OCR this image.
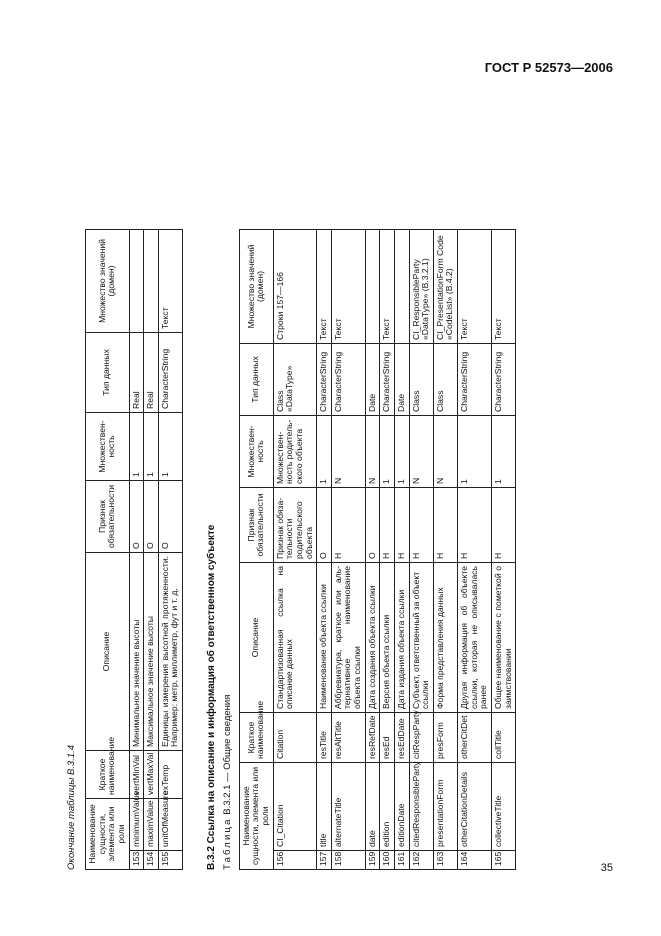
ГОСТ Р 52573—2006
Окончание таблицы В.3.1.4	Наименование сущности, элемента или роли		Краткое наименование	Описание	Признак обязательности	Множественность	Тип данных	Множество значений (домен)
153	minimumValue	vertMinVal	Минимальное значение высоты	О	1	Real	
154	maximValue	vertMaxVal	Максимальное значение высоты	О	1	Real	
155	unitOfMeasure	exTemp	Единицы измерения высотной протяженности. Например: метр, миллиметр, фут и т. д.	О	1	CharacterString	Текст
В.3.2 Ссылка на описание и информация об ответственном субъекте Таблица В.3.2.1 — Общие сведения
Наименование сущности, элемента или роли		Краткое наименование	Описание	Признак обязательности	Множественность	Тип данных	Множество значений (домен)
156	CI_Citation	Citation	Стандартизованная ссылка на описание данных	Признак обязательности родительского объекта	Множественность родительского объекта	Class «DataType»	Строки 157—166
157	title	resTitle	Наименование объекта ссылки	О	1	CharacterString	Текст
158	alternateTitle	resAltTitle	Аббревиатура, краткое или альтернативное наименование объекта ссылки	Н	N	CharacterString	Текст
159	date	resRefDate	Дата создания объекта ссылки	О	N	Date	
160	edition	resEd	Версия объекта ссылки	Н	1	CharacterString	Текст
161	editionDate	resEdDate	Дата издания объекта ссылки	Н	1	Date	
162	citedResponsibleParty	citRespParty	Субъект, ответственный за объект ссылки	Н	N	Class	CI_ResponsibleParty «DataType» (В.3.2.1)
163	presentationForm	presForm	Форма представления данных	Н	N	Class	CI_PresentationForm Code «CodeList» (В.4.2)
164	otherCitationDetails	otherCitDet	Другая информация об объекте ссылки, которая не описывалась ранее	Н	1	CharacterString	Текст
165	collectiveTitle	collTitle	Общее наименование с пометкой о заимствовании	Н	1	CharacterString	Текст
35
